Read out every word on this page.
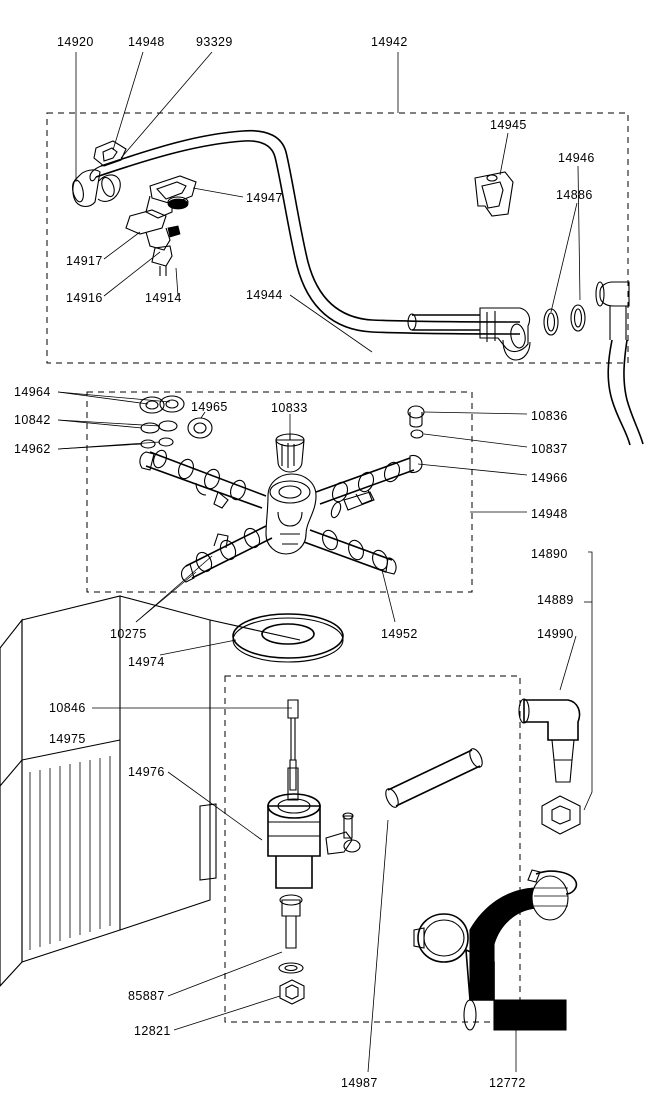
14920	14948 93329	14942
14945
14946
14886
14947
14917
14916	14914	14944
14964
10842
14962
14965	10833
10836
10837
14966
14948
14890
14889
14990
10275	14952
14974
10846
14975
14976
85887
12821
14987	12772
